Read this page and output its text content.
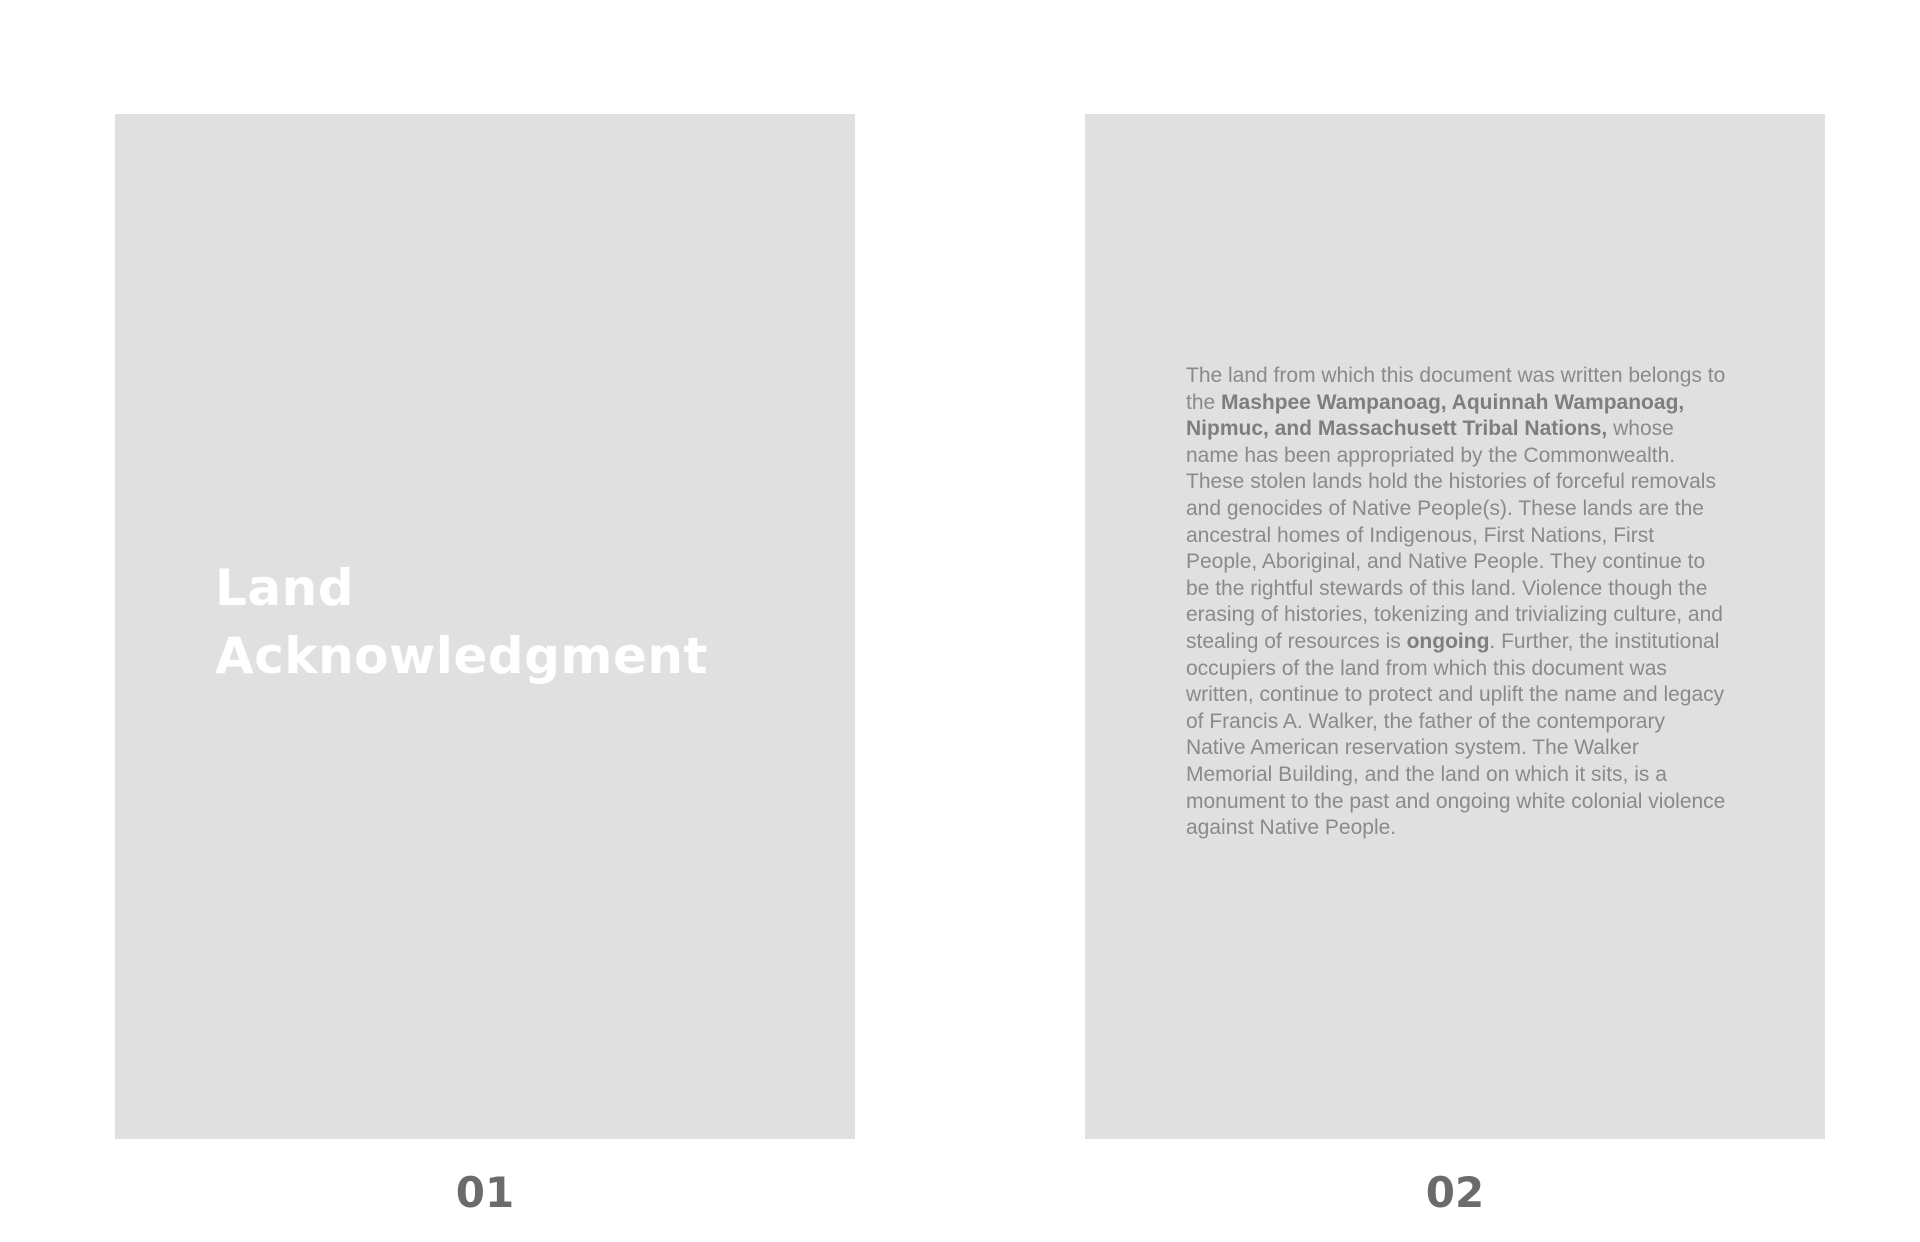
Land
Acknowledgment
01

The land from which this document was written belongs to the Mashpee Wampanoag, Aquinnah Wampanoag, Nipmuc, and Massachusett Tribal Nations, whose name has been appropriated by the Commonwealth. These stolen lands hold the histories of forceful removals and genocides of Native People(s). These lands are the ancestral homes of Indigenous, First Nations, First People, Aboriginal, and Native People. They continue to be the rightful stewards of this land. Violence though the erasing of histories, tokenizing and trivializing culture, and stealing of resources is ongoing. Further, the institutional occupiers of the land from which this document was written, continue to protect and uplift the name and legacy of Francis A. Walker, the father of the contemporary Native American reservation system. The Walker Memorial Building, and the land on which it sits, is a monument to the past and ongoing white colonial violence against Native People.

02
